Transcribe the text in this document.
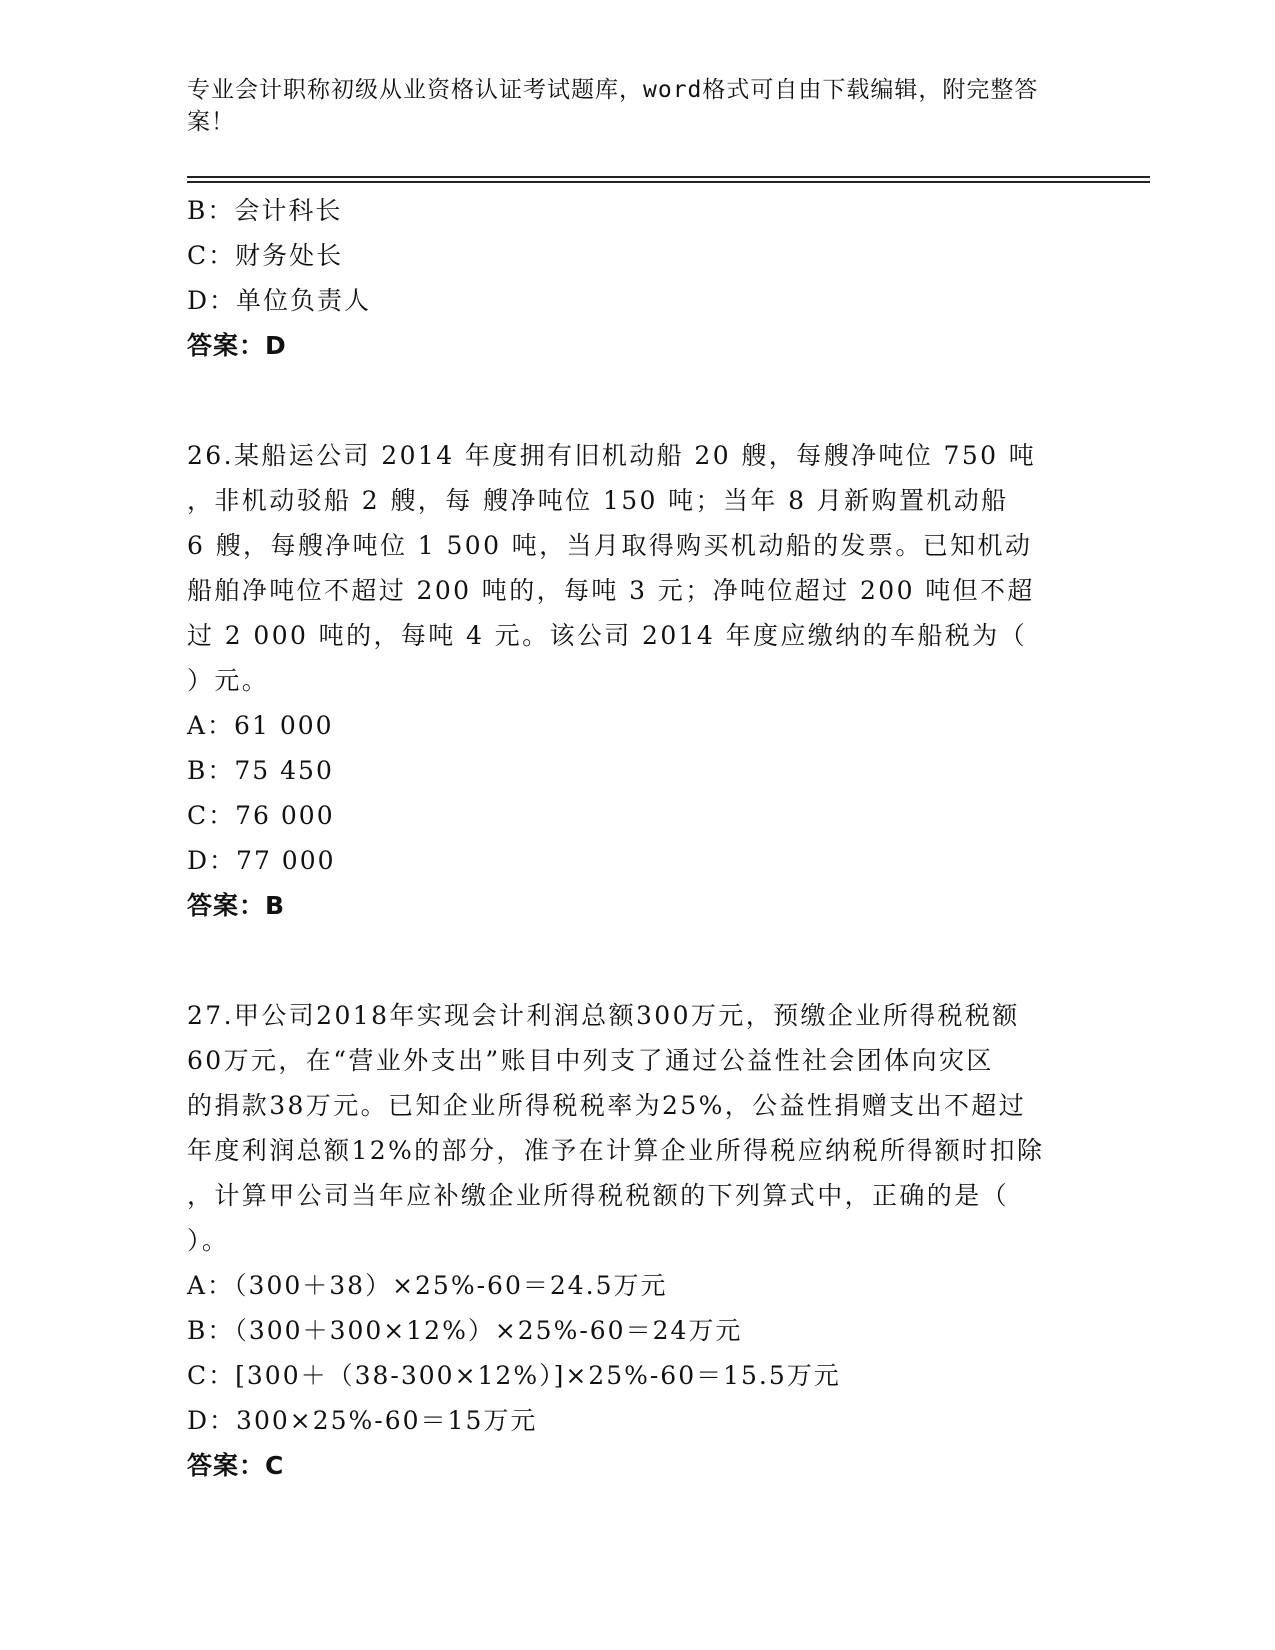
专业会计职称初级从业资格认证考试题库，word格式可自由下载编辑，附完整答
案！
B：会计科长
C：财务处长
D：单位负责人
答案：D
26.某船运公司 2014 年度拥有旧机动船 20 艘，每艘净吨位 750 吨
，非机动驳船 2 艘，每 艘净吨位 150 吨；当年 8 月新购置机动船
6 艘，每艘净吨位 1 500 吨，当月取得购买机动船的发票。已知机动
船舶净吨位不超过 200 吨的，每吨 3 元；净吨位超过 200 吨但不超
过 2 000 吨的，每吨 4 元。该公司 2014 年度应缴纳的车船税为（
）元。
A：61 000
B：75 450
C：76 000
D：77 000
答案：B
27.甲公司2018年实现会计利润总额300万元，预缴企业所得税税额
60万元，在“营业外支出”账目中列支了通过公益性社会团体向灾区
的捐款38万元。已知企业所得税税率为25%，公益性捐赠支出不超过
年度利润总额12%的部分，准予在计算企业所得税应纳税所得额时扣除
，计算甲公司当年应补缴企业所得税税额的下列算式中，正确的是（
）。
A：（300＋38）×25%-60＝24.5万元
B：（300＋300×12%）×25%-60＝24万元
C：[300＋（38-300×12%）]×25%-60＝15.5万元
D：300×25%-60＝15万元
答案：C
